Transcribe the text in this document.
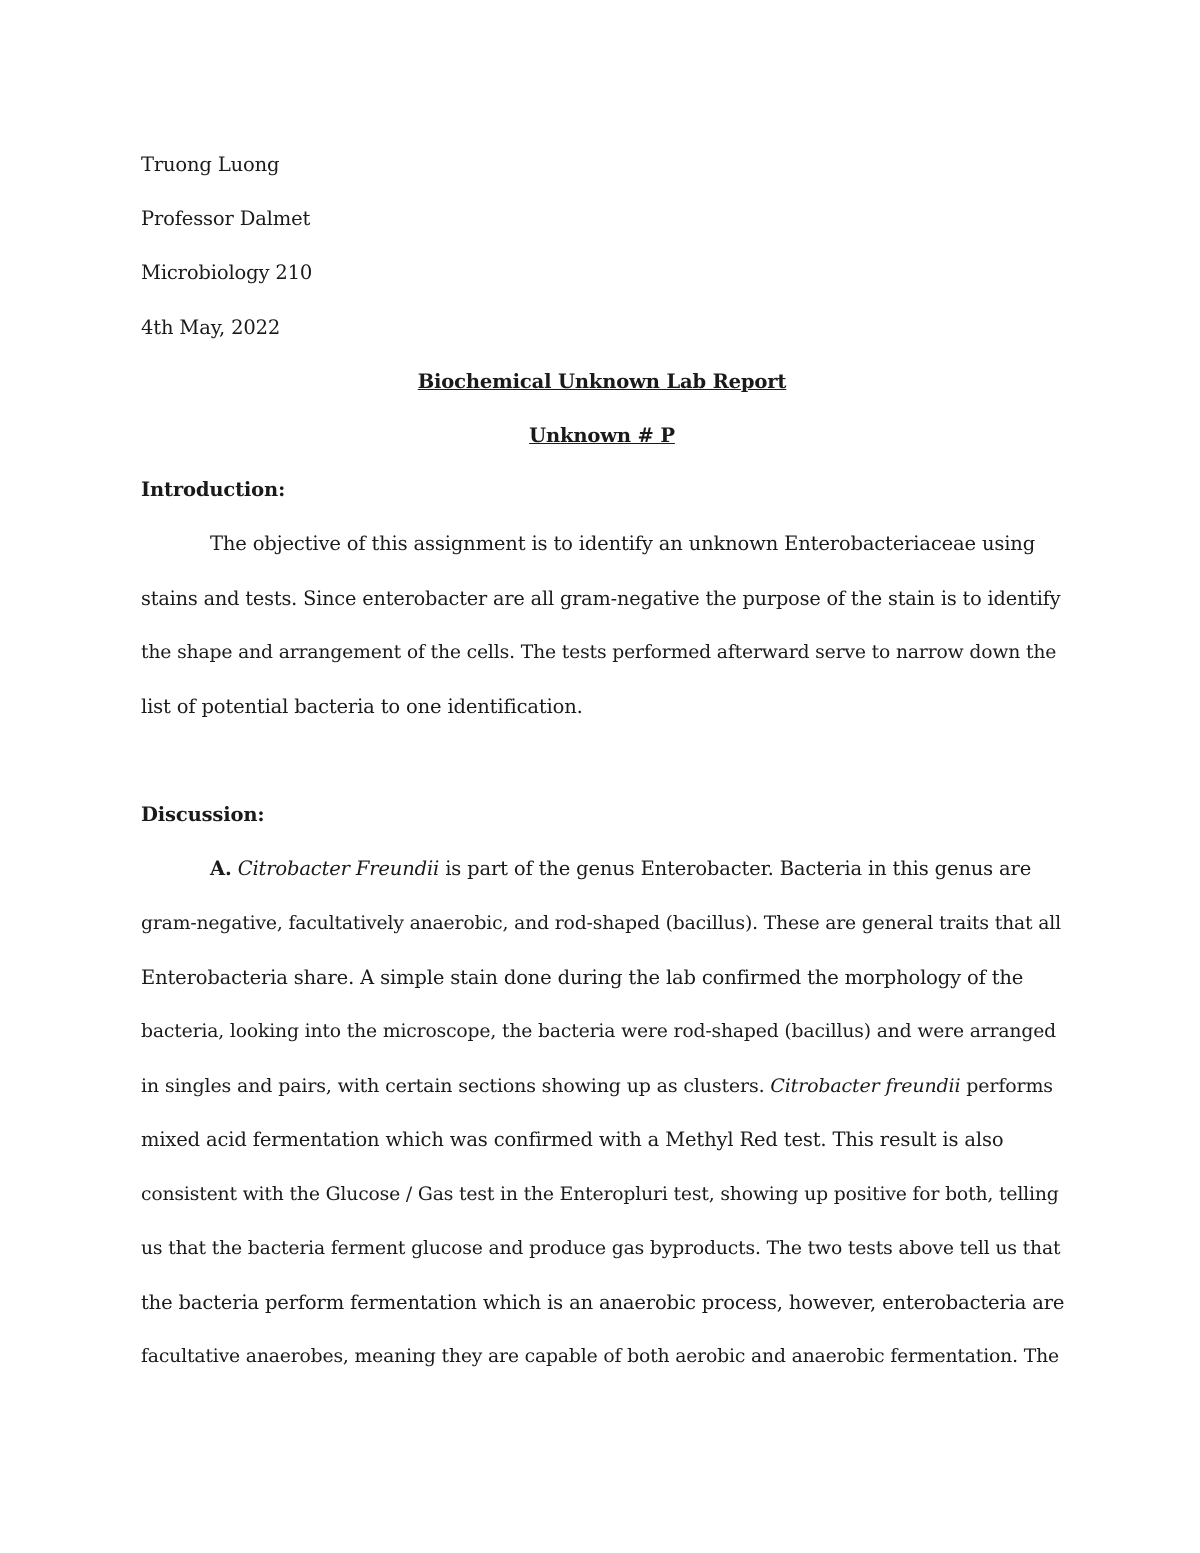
Truong Luong
Professor Dalmet
Microbiology 210
4th May, 2022
Biochemical Unknown Lab Report
Unknown # P
Introduction:
The objective of this assignment is to identify an unknown Enterobacteriaceae using
stains and tests. Since enterobacter are all gram-negative the purpose of the stain is to identify
the shape and arrangement of the cells. The tests performed afterward serve to narrow down the
list of potential bacteria to one identification.
Discussion:
A. Citrobacter Freundii is part of the genus Enterobacter. Bacteria in this genus are
gram-negative, facultatively anaerobic, and rod-shaped (bacillus). These are general traits that all
Enterobacteria share. A simple stain done during the lab confirmed the morphology of the
bacteria, looking into the microscope, the bacteria were rod-shaped (bacillus) and were arranged
in singles and pairs, with certain sections showing up as clusters. Citrobacter freundii performs
mixed acid fermentation which was confirmed with a Methyl Red test. This result is also
consistent with the Glucose / Gas test in the Enteropluri test, showing up positive for both, telling
us that the bacteria ferment glucose and produce gas byproducts. The two tests above tell us that
the bacteria perform fermentation which is an anaerobic process, however, enterobacteria are
facultative anaerobes, meaning they are capable of both aerobic and anaerobic fermentation. The
